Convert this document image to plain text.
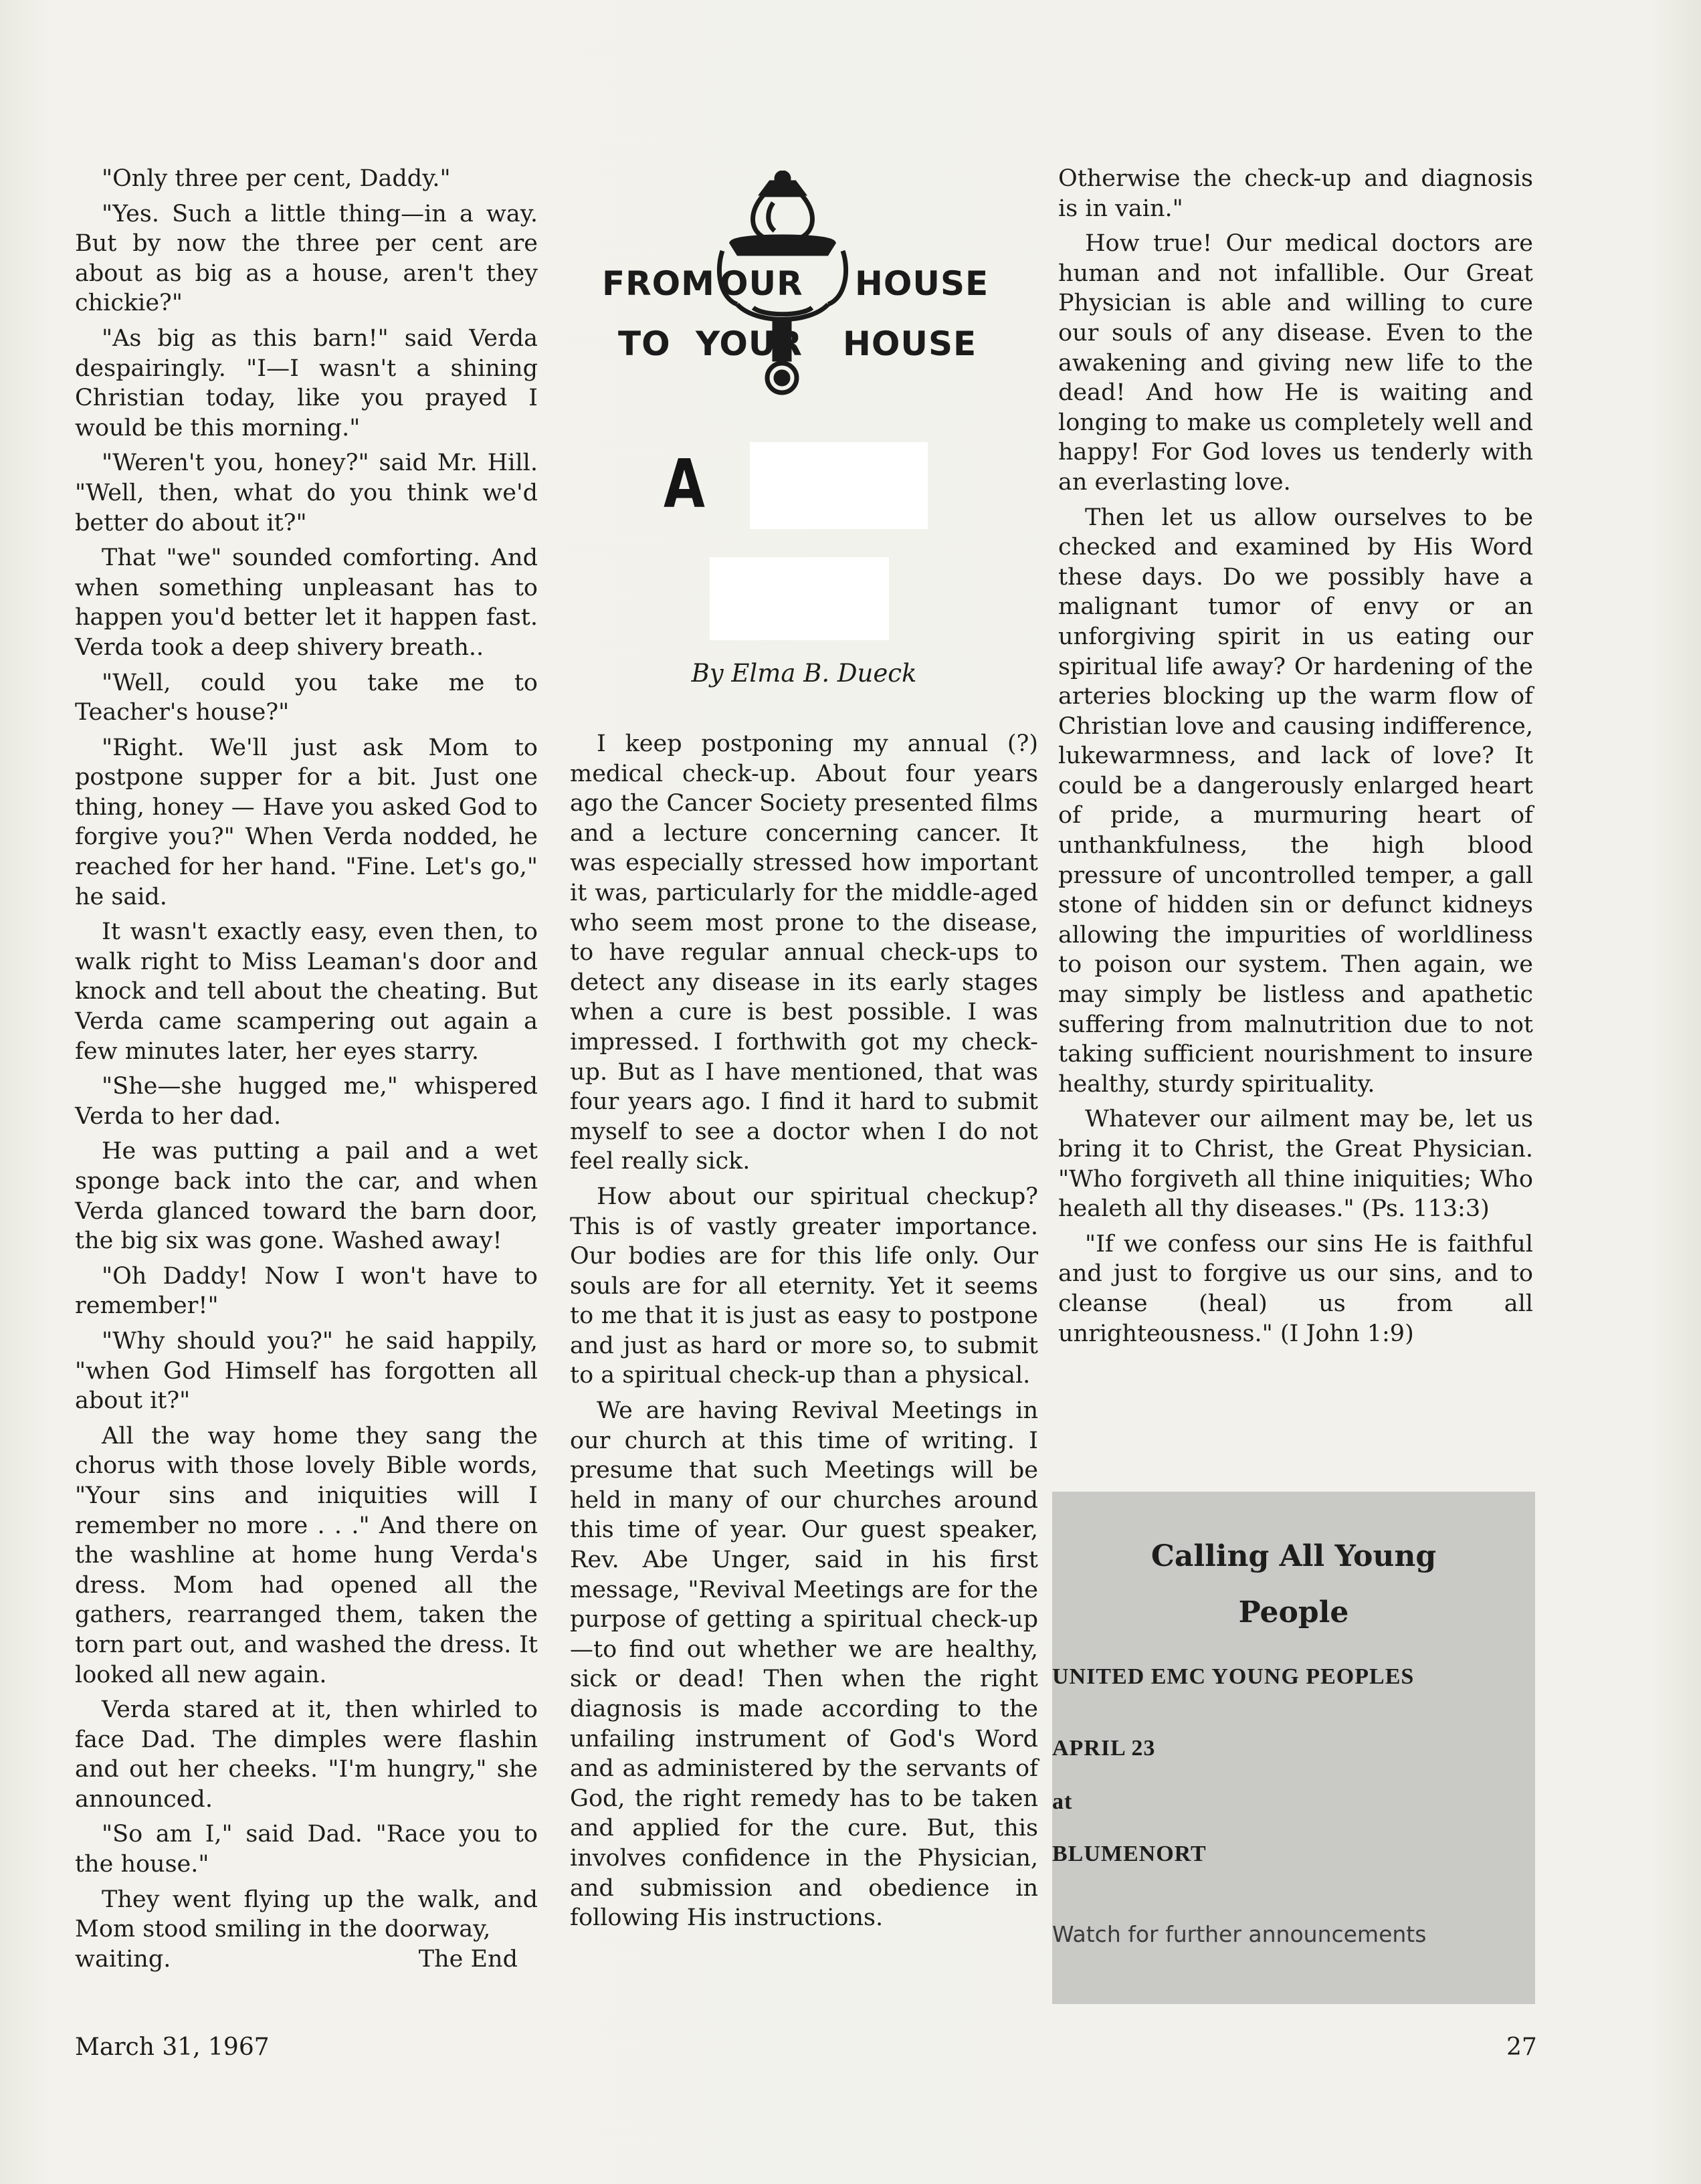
"Only three per cent, Daddy."

"Yes. Such a little thing—in a way. But by now the three per cent are about as big as a house, aren't they chickie?"

"As big as this barn!" said Verda despairingly. "I—I wasn't a shining Christian today, like you prayed I would be this morning."

"Weren't you, honey?" said Mr. Hill. "Well, then, what do you think we'd better do about it?"

That "we" sounded comforting. And when something unpleasant has to happen you'd better let it happen fast. Verda took a deep shivery breath..

"Well, could you take me to Teacher's house?"

"Right. We'll just ask Mom to postpone supper for a bit. Just one thing, honey — Have you asked God to forgive you?" When Verda nodded, he reached for her hand. "Fine. Let's go," he said.

It wasn't exactly easy, even then, to walk right to Miss Leaman's door and knock and tell about the cheating. But Verda came scampering out again a few minutes later, her eyes starry.

"She—she hugged me," whispered Verda to her dad.

He was putting a pail and a wet sponge back into the car, and when Verda glanced toward the barn door, the big six was gone. Washed away!

"Oh Daddy! Now I won't have to remember!"

"Why should you?" he said happily, "when God Himself has forgotten all about it?"

All the way home they sang the chorus with those lovely Bible words, "Your sins and iniquities will I remember no more . . ." And there on the washline at home hung Verda's dress. Mom had opened all the gathers, rearranged them, taken the torn part out, and washed the dress. It looked all new again.

Verda stared at it, then whirled to face Dad. The dimples were flashin and out her cheeks. "I'm hungry," she announced.

"So am I," said Dad. "Race you to the house."

They went flying up the walk, and Mom stood smiling in the doorway,

waiting.	The End
FROM OUR HOUSE
TO YOUR HOUSE
A
By Elma B. Dueck

I keep postponing my annual (?) medical check-up. About four years ago the Cancer Society presented films and a lecture concerning cancer. It was especially stressed how important it was, particularly for the middle-aged who seem most prone to the disease, to have regular annual check-ups to detect any disease in its early stages when a cure is best possible. I was impressed. I forthwith got my check-up. But as I have mentioned, that was four years ago. I find it hard to submit myself to see a doctor when I do not feel really sick.

How about our spiritual checkup? This is of vastly greater importance. Our bodies are for this life only. Our souls are for all eternity. Yet it seems to me that it is just as easy to postpone and just as hard or more so, to submit to a spiritual check-up than a physical.

We are having Revival Meetings in our church at this time of writing. I presume that such Meetings will be held in many of our churches around this time of year. Our guest speaker, Rev. Abe Unger, said in his first message, "Revival Meetings are for the purpose of getting a spiritual check-up—to find out whether we are healthy, sick or dead! Then when the right diagnosis is made according to the unfailing instrument of God's Word and as administered by the servants of God, the right remedy has to be taken and applied for the cure. But, this involves confidence in the Physician, and submission and obedience in following His instructions.

Otherwise the check-up and diagnosis is in vain."

How true! Our medical doctors are human and not infallible. Our Great Physician is able and willing to cure our souls of any disease. Even to the awakening and giving new life to the dead! And how He is waiting and longing to make us completely well and happy! For God loves us tenderly with an everlasting love.

Then let us allow ourselves to be checked and examined by His Word these days. Do we possibly have a malignant tumor of envy or an unforgiving spirit in us eating our spiritual life away? Or hardening of the arteries blocking up the warm flow of Christian love and causing indifference, lukewarmness, and lack of love? It could be a dangerously enlarged heart of pride, a murmuring heart of unthankfulness, the high blood pressure of uncontrolled temper, a gall stone of hidden sin or defunct kidneys allowing the impurities of worldliness to poison our system. Then again, we may simply be listless and apathetic suffering from malnutrition due to not taking sufficient nourishment to insure healthy, sturdy spirituality.

Whatever our ailment may be, let us bring it to Christ, the Great Physician. "Who forgiveth all thine iniquities; Who healeth all thy diseases." (Ps. 113:3)

"If we confess our sins He is faithful and just to forgive us our sins, and to cleanse (heal) us from all unrighteousness." (I John 1:9)

Calling All Young
People
UNITED EMC YOUNG PEOPLES
APRIL 23
at
BLUMENORT
Watch for further announcements
March 31, 1967	27
